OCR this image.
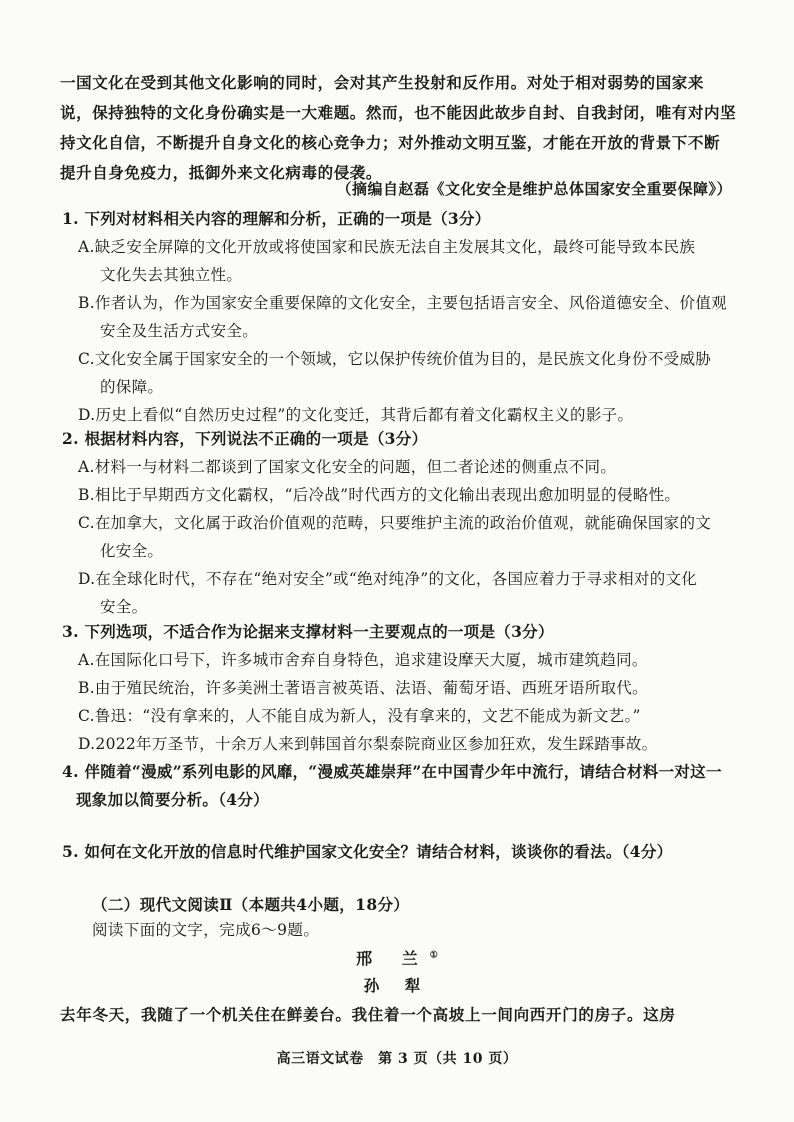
一国文化在受到其他文化影响的同时，会对其产生投射和反作用。对处于相对弱势的国家来
说，保持独特的文化身份确实是一大难题。然而，也不能因此故步自封、自我封闭，唯有对内坚
持文化自信，不断提升自身文化的核心竞争力；对外推动文明互鉴，才能在开放的背景下不断
提升自身免疫力，抵御外来文化病毒的侵袭。
（摘编自赵磊《文化安全是维护总体国家安全重要保障》）
1. 下列对材料相关内容的理解和分析，正确的一项是（3分）
A.缺乏安全屏障的文化开放或将使国家和民族无法自主发展其文化，最终可能导致本民族
文化失去其独立性。
B.作者认为，作为国家安全重要保障的文化安全，主要包括语言安全、风俗道德安全、价值观
安全及生活方式安全。
C.文化安全属于国家安全的一个领域，它以保护传统价值为目的，是民族文化身份不受威胁
的保障。
D.历史上看似“自然历史过程”的文化变迁，其背后都有着文化霸权主义的影子。
2. 根据材料内容，下列说法不正确的一项是（3分）
A.材料一与材料二都谈到了国家文化安全的问题，但二者论述的侧重点不同。
B.相比于早期西方文化霸权，“后冷战”时代西方的文化输出表现出愈加明显的侵略性。
C.在加拿大，文化属于政治价值观的范畴，只要维护主流的政治价值观，就能确保国家的文
化安全。
D.在全球化时代，不存在“绝对安全”或“绝对纯净”的文化，各国应着力于寻求相对的文化
安全。
3. 下列选项，不适合作为论据来支撑材料一主要观点的一项是（3分）
A.在国际化口号下，许多城市舍弃自身特色，追求建设摩天大厦，城市建筑趋同。
B.由于殖民统治，许多美洲土著语言被英语、法语、葡萄牙语、西班牙语所取代。
C.鲁迅：“没有拿来的，人不能自成为新人，没有拿来的，文艺不能成为新文艺。”
D.2022年万圣节，十余万人来到韩国首尔梨泰院商业区参加狂欢，发生踩踏事故。
4. 伴随着“漫威”系列电影的风靡，“漫威英雄崇拜”在中国青少年中流行，请结合材料一对这一
现象加以简要分析。（4分）
5. 如何在文化开放的信息时代维护国家文化安全？请结合材料，谈谈你的看法。（4分）
（二）现代文阅读Ⅱ（本题共4小题，18分）
阅读下面的文字，完成6～9题。
邢 兰①
孙 犁
去年冬天，我随了一个机关住在鲜姜台。我住着一个高坡上一间向西开门的房子。这房
高三语文试卷　第 3 页（共 10 页）
